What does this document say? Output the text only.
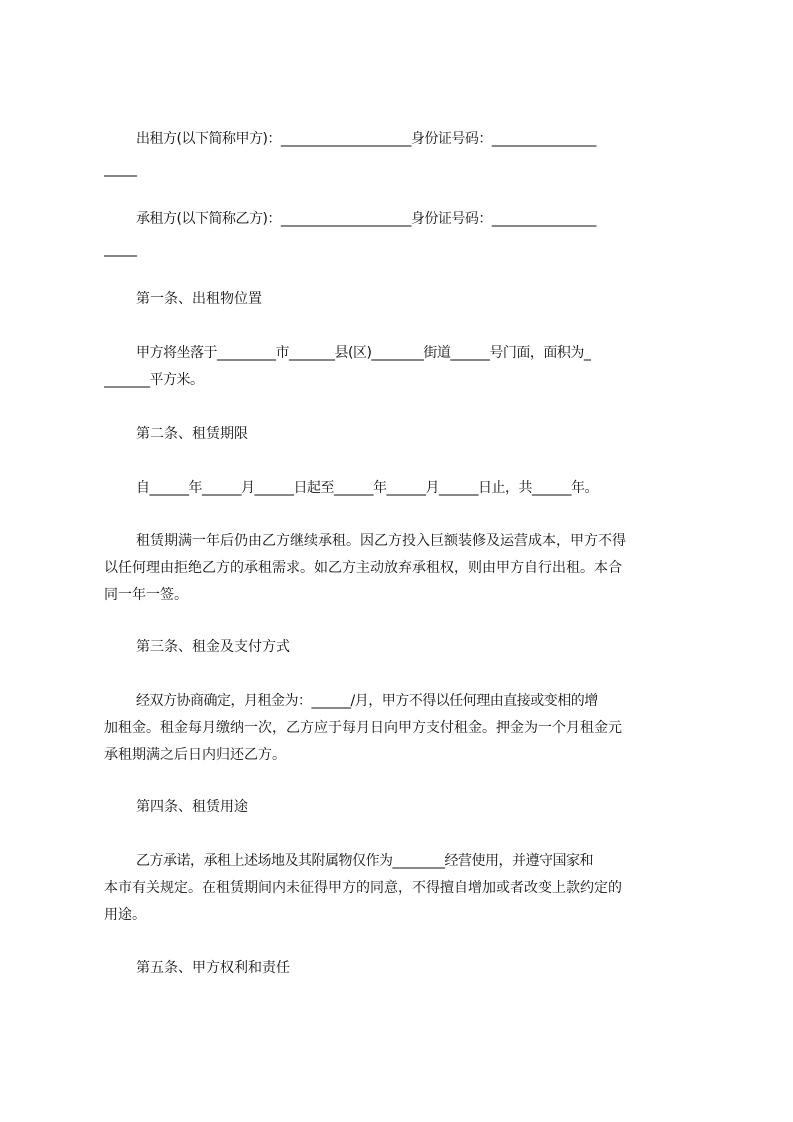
出租方(以下简称甲方)：____________________身份证号码：________________
_____
承租方(以下简称乙方)：____________________身份证号码：________________
_____
第一条、出租物位置
甲方将坐落于_________市_______县(区)________街道______号门面，面积为_
_______平方米。
第二条、租赁期限
自______年______月______日起至______年______月______日止，共______年。
租赁期满一年后仍由乙方继续承租。因乙方投入巨额装修及运营成本，甲方不得
以任何理由拒绝乙方的承租需求。如乙方主动放弃承租权，则由甲方自行出租。本合
同一年一签。
第三条、租金及支付方式
经双方协商确定，月租金为：______/月，甲方不得以任何理由直接或变相的增
加租金。租金每月缴纳一次，乙方应于每月日向甲方支付租金。押金为一个月租金元
承租期满之后日内归还乙方。
第四条、租赁用途
乙方承诺，承租上述场地及其附属物仅作为________经营使用，并遵守国家和
本市有关规定。在租赁期间内未征得甲方的同意，不得擅自增加或者改变上款约定的
用途。
第五条、甲方权利和责任
